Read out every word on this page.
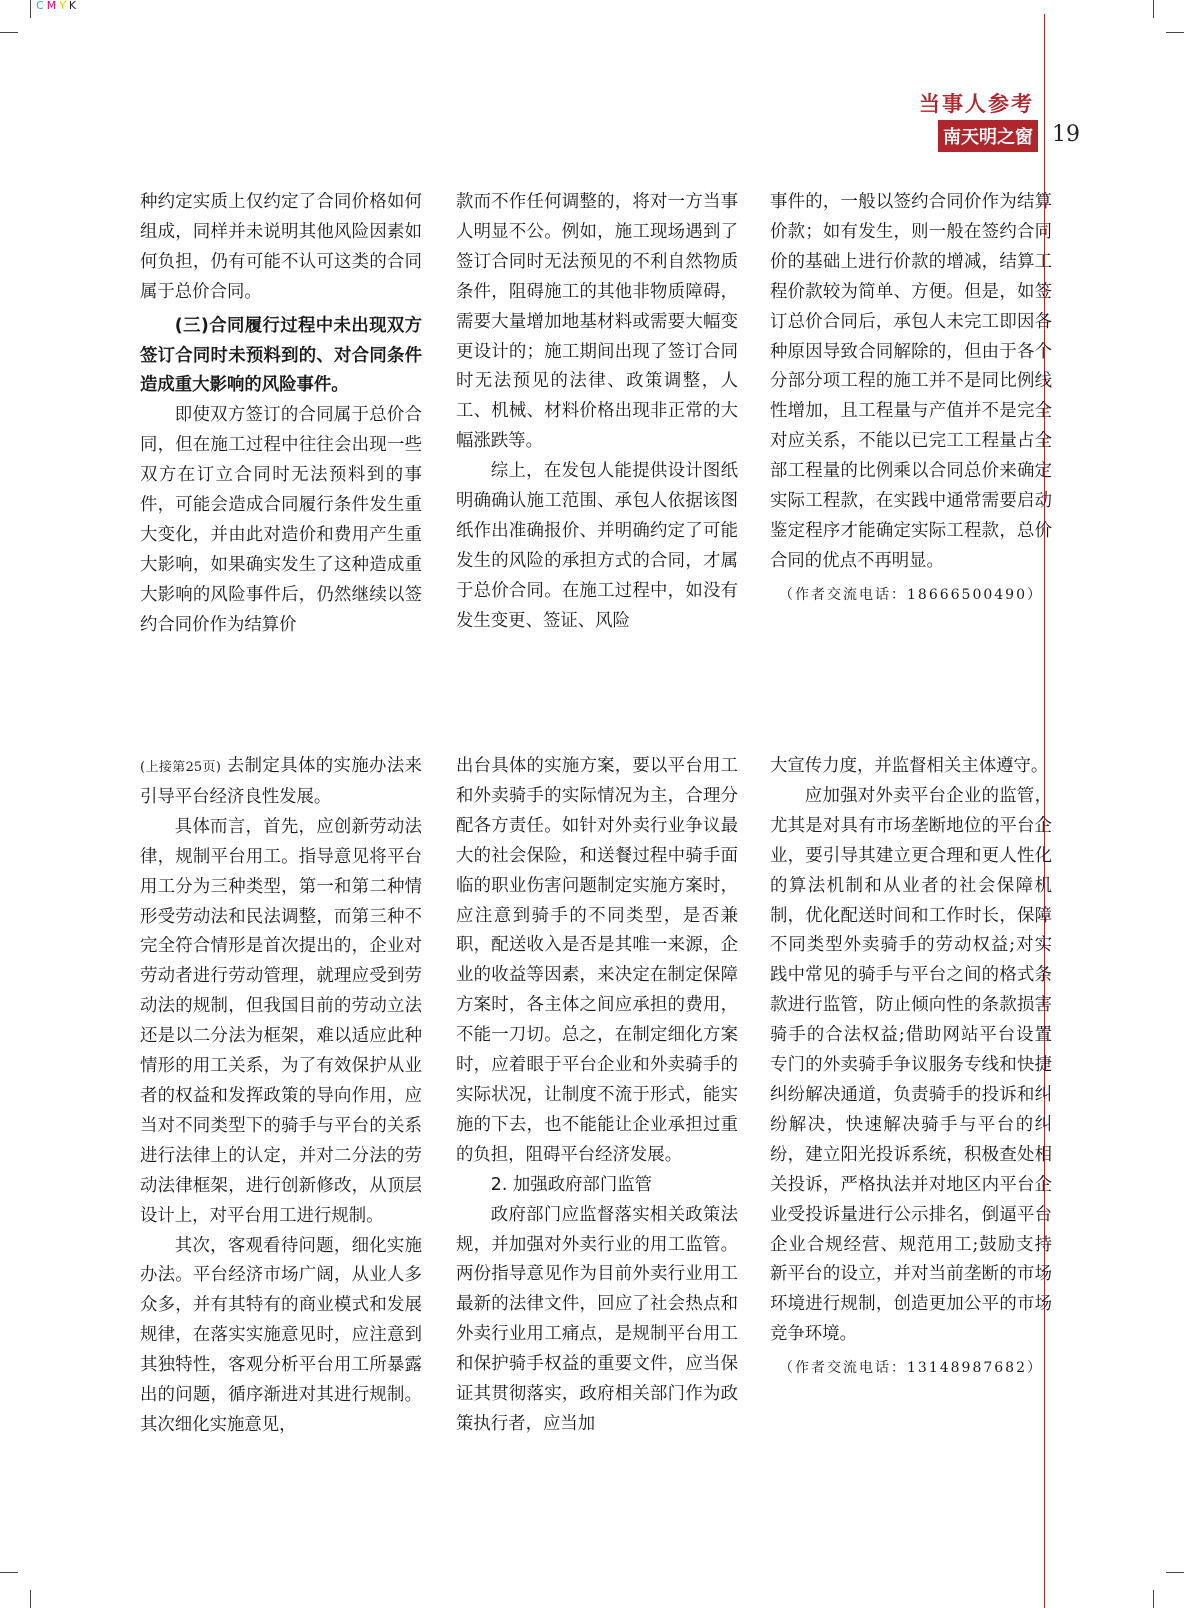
CMYK
当事人参考
南天明之窗 19

种约定实质上仅约定了合同价格如何组成，同样并未说明其他风险因素如何负担，仍有可能不认可这类的合同属于总价合同。

(三)合同履行过程中未出现双方签订合同时未预料到的、对合同条件造成重大影响的风险事件。

即使双方签订的合同属于总价合同，但在施工过程中往往会出现一些双方在订立合同时无法预料到的事件，可能会造成合同履行条件发生重大变化，并由此对造价和费用产生重大影响，如果确实发生了这种造成重大影响的风险事件后，仍然继续以签约合同价作为结算价

款而不作任何调整的，将对一方当事人明显不公。例如，施工现场遇到了签订合同时无法预见的不利自然物质条件，阻碍施工的其他非物质障碍，需要大量增加地基材料或需要大幅变更设计的；施工期间出现了签订合同时无法预见的法律、政策调整，人工、机械、材料价格出现非正常的大幅涨跌等。

综上，在发包人能提供设计图纸明确确认施工范围、承包人依据该图纸作出准确报价、并明确约定了可能发生的风险的承担方式的合同，才属于总价合同。在施工过程中，如没有发生变更、签证、风险

事件的，一般以签约合同价作为结算价款；如有发生，则一般在签约合同价的基础上进行价款的增减，结算工程价款较为简单、方便。但是，如签订总价合同后，承包人未完工即因各种原因导致合同解除的，但由于各个分部分项工程的施工并不是同比例线性增加，且工程量与产值并不是完全对应关系，不能以已完工工程量占全部工程量的比例乘以合同总价来确定实际工程款，在实践中通常需要启动鉴定程序才能确定实际工程款，总价合同的优点不再明显。

（作者交流电话：18666500490）

(上接第25页) 去制定具体的实施办法来引导平台经济良性发展。

具体而言，首先，应创新劳动法律，规制平台用工。指导意见将平台用工分为三种类型，第一和第二种情形受劳动法和民法调整，而第三种不完全符合情形是首次提出的，企业对劳动者进行劳动管理，就理应受到劳动法的规制，但我国目前的劳动立法还是以二分法为框架，难以适应此种情形的用工关系，为了有效保护从业者的权益和发挥政策的导向作用，应当对不同类型下的骑手与平台的关系进行法律上的认定，并对二分法的劳动法律框架，进行创新修改，从顶层设计上，对平台用工进行规制。

其次，客观看待问题，细化实施办法。平台经济市场广阔，从业人多众多，并有其特有的商业模式和发展规律，在落实实施意见时，应注意到其独特性，客观分析平台用工所暴露出的问题，循序渐进对其进行规制。其次细化实施意见，

出台具体的实施方案，要以平台用工和外卖骑手的实际情况为主，合理分配各方责任。如针对外卖行业争议最大的社会保险，和送餐过程中骑手面临的职业伤害问题制定实施方案时，应注意到骑手的不同类型，是否兼职，配送收入是否是其唯一来源，企业的收益等因素，来决定在制定保障方案时，各主体之间应承担的费用，不能一刀切。总之，在制定细化方案时，应着眼于平台企业和外卖骑手的实际状况，让制度不流于形式，能实施的下去，也不能能让企业承担过重的负担，阻碍平台经济发展。

2. 加强政府部门监管

政府部门应监督落实相关政策法规，并加强对外卖行业的用工监管。两份指导意见作为目前外卖行业用工最新的法律文件，回应了社会热点和外卖行业用工痛点，是规制平台用工和保护骑手权益的重要文件，应当保证其贯彻落实，政府相关部门作为政策执行者，应当加

大宣传力度，并监督相关主体遵守。

应加强对外卖平台企业的监管，尤其是对具有市场垄断地位的平台企业，要引导其建立更合理和更人性化的算法机制和从业者的社会保障机制，优化配送时间和工作时长，保障不同类型外卖骑手的劳动权益;对实践中常见的骑手与平台之间的格式条款进行监管，防止倾向性的条款损害骑手的合法权益;借助网站平台设置专门的外卖骑手争议服务专线和快捷纠纷解决通道，负责骑手的投诉和纠纷解决，快速解决骑手与平台的纠纷，建立阳光投诉系统，积极查处相关投诉，严格执法并对地区内平台企业受投诉量进行公示排名，倒逼平台企业合规经营、规范用工;鼓励支持新平台的设立，并对当前垄断的市场环境进行规制，创造更加公平的市场竞争环境。

（作者交流电话：13148987682）
